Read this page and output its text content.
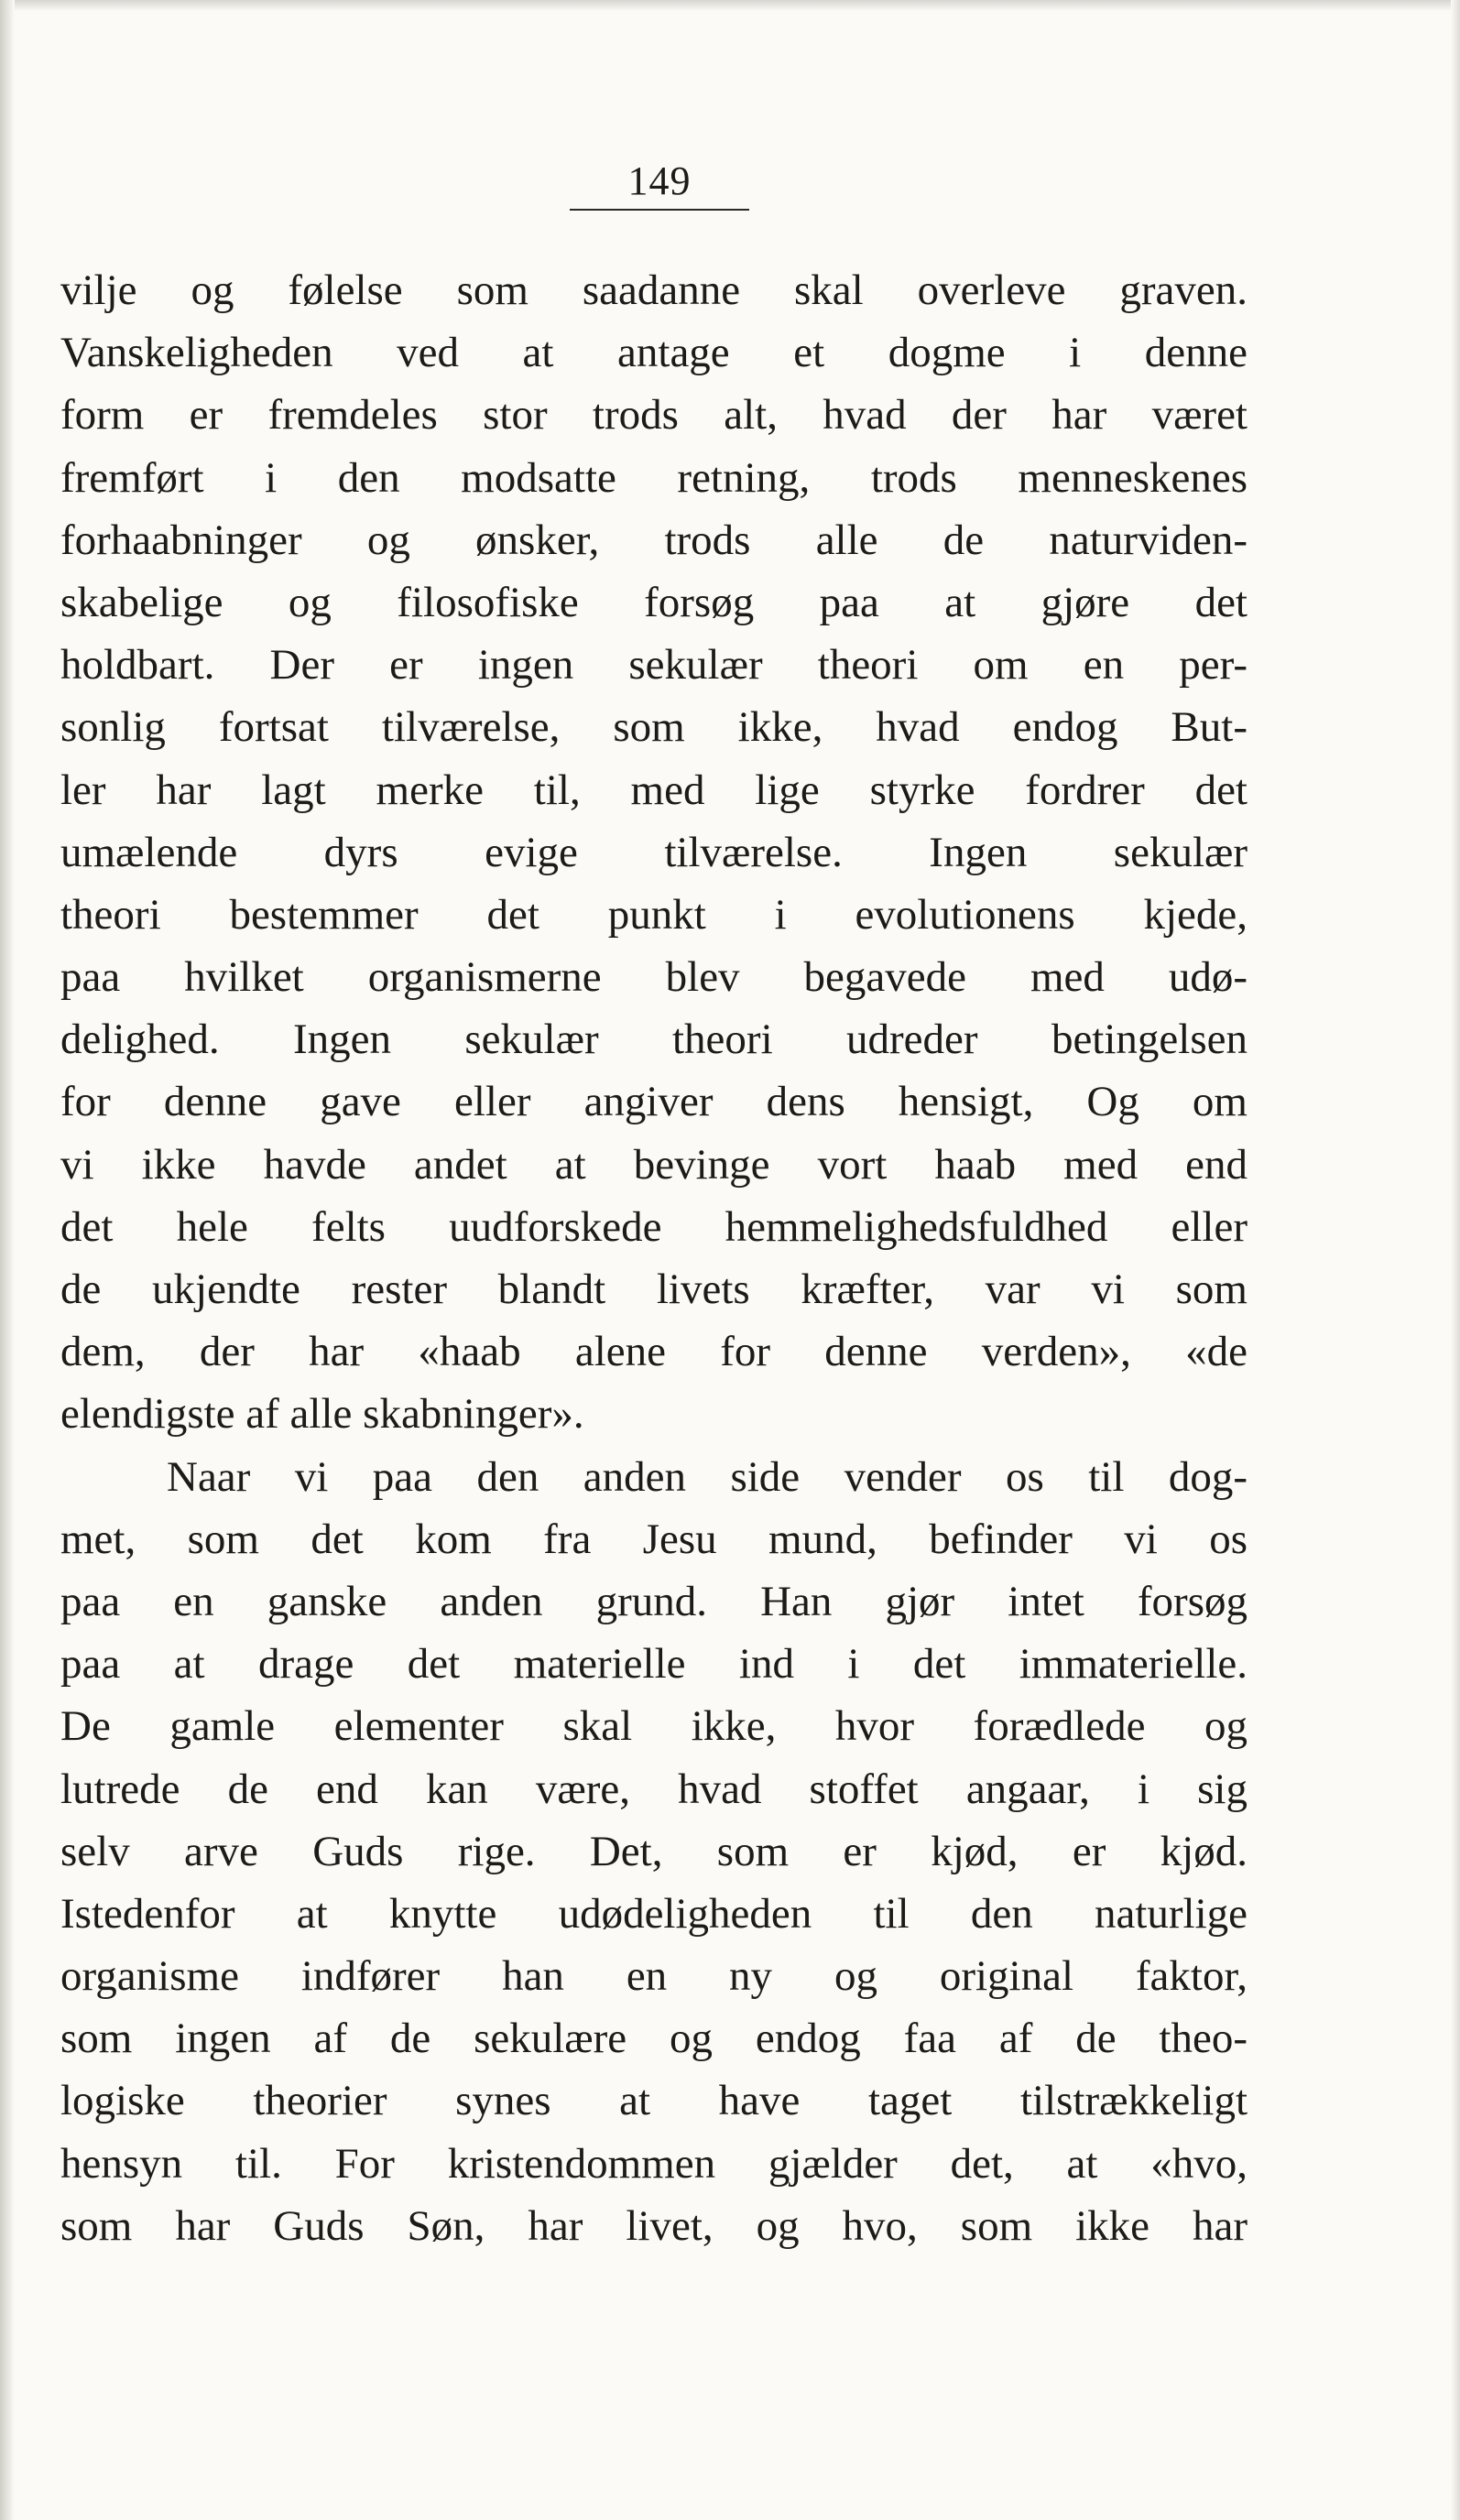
149
vilje og følelse som saadanne skal overleve graven.
Vanskeligheden ved at antage et dogme i denne
form er fremdeles stor trods alt, hvad der har været
fremført i den modsatte retning, trods menneskenes
forhaabninger og ønsker, trods alle de naturviden-
skabelige og filosofiske forsøg paa at gjøre det
holdbart. Der er ingen sekulær theori om en per-
sonlig fortsat tilværelse, som ikke, hvad endog But-
ler har lagt merke til, med lige styrke fordrer det
umælende dyrs evige tilværelse. Ingen sekulær
theori bestemmer det punkt i evolutionens kjede,
paa hvilket organismerne blev begavede med udø-
delighed. Ingen sekulær theori udreder betingelsen
for denne gave eller angiver dens hensigt, Og om
vi ikke havde andet at bevinge vort haab med end
det hele felts uudforskede hemmelighedsfuldhed eller
de ukjendte rester blandt livets kræfter, var vi som
dem, der har «haab alene for denne verden», «de
elendigste af alle skabninger».
Naar vi paa den anden side vender os til dog-
met, som det kom fra Jesu mund, befinder vi os
paa en ganske anden grund. Han gjør intet forsøg
paa at drage det materielle ind i det immaterielle.
De gamle elementer skal ikke, hvor forædlede og
lutrede de end kan være, hvad stoffet angaar, i sig
selv arve Guds rige. Det, som er kjød, er kjød.
Istedenfor at knytte udødeligheden til den naturlige
organisme indfører han en ny og original faktor,
som ingen af de sekulære og endog faa af de theo-
logiske theorier synes at have taget tilstrækkeligt
hensyn til. For kristendommen gjælder det, at «hvo,
som har Guds Søn, har livet, og hvo, som ikke har
